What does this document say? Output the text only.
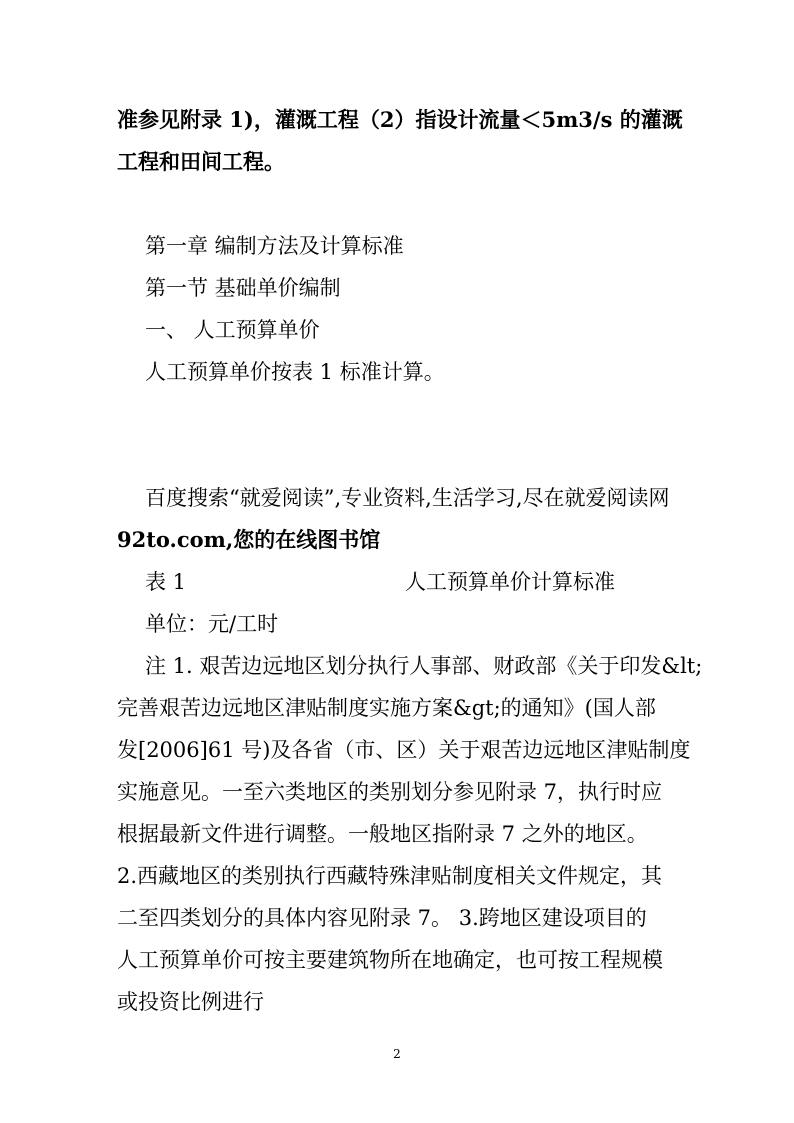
准参见附录 1)，灌溉工程（2）指设计流量＜5m3/s 的灌溉
工程和田间工程。
第一章 编制方法及计算标准
第一节 基础单价编制
一、 人工预算单价
人工预算单价按表 1 标准计算。
百度搜索“就爱阅读”,专业资料,生活学习,尽在就爱阅读网
92to.com,您的在线图书馆
表 1	人工预算单价计算标准
单位：元/工时
注 1. 艰苦边远地区划分执行人事部、财政部《关于印发&lt;
完善艰苦边远地区津贴制度实施方案&gt;的通知》(国人部
发[2006]61 号)及各省（市、区）关于艰苦边远地区津贴制度
实施意见。一至六类地区的类别划分参见附录 7，执行时应
根据最新文件进行调整。一般地区指附录 7 之外的地区。
2.西藏地区的类别执行西藏特殊津贴制度相关文件规定，其
二至四类划分的具体内容见附录 7。 3.跨地区建设项目的
人工预算单价可按主要建筑物所在地确定，也可按工程规模
或投资比例进行
2
